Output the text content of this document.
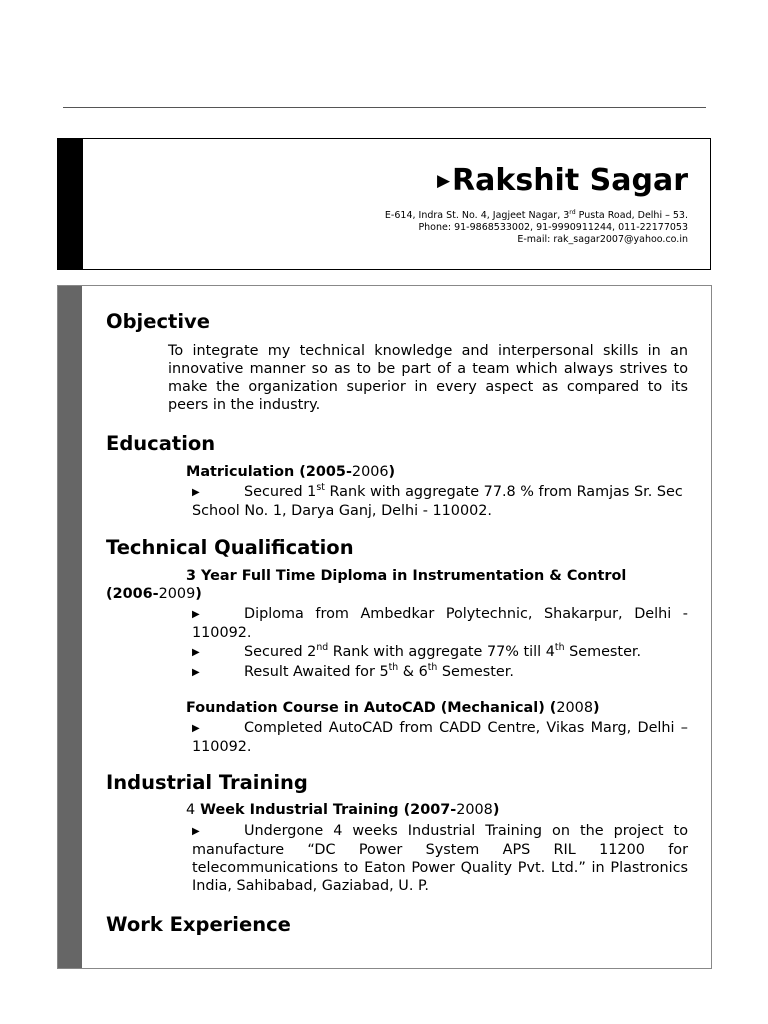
▶Rakshit Sagar
E-614, Indra St. No. 4, Jagjeet Nagar, 3rd Pusta Road, Delhi – 53.
Phone: 91-9868533002, 91-9990911244, 011-22177053
E-mail: rak_sagar2007@yahoo.co.in
Objective
To integrate my technical knowledge and interpersonal skills in an innovative manner so as to be part of a team which always strives to make the organization superior in every aspect as compared to its peers in the industry.
Education
Matriculation (2005-2006)
▶	Secured 1st Rank with aggregate 77.8 % from Ramjas Sr. Sec School No. 1, Darya Ganj, Delhi - 110002.
Technical Qualification
3 Year Full Time Diploma in Instrumentation & Control
(2006-2009)
▶	Diploma from Ambedkar Polytechnic, Shakarpur, Delhi - 110092.
▶	Secured 2nd Rank with aggregate 77% till 4th Semester.
▶	Result Awaited for 5th & 6th Semester.
Foundation Course in AutoCAD (Mechanical) (2008)
▶	Completed AutoCAD from CADD Centre, Vikas Marg, Delhi – 110092.
Industrial Training
4 Week Industrial Training (2007-2008)
▶	Undergone 4 weeks Industrial Training on the project to manufacture “DC Power System APS RIL 11200 for telecommunications to Eaton Power Quality Pvt. Ltd.” in Plastronics India, Sahibabad, Gaziabad, U. P.
Work Experience
